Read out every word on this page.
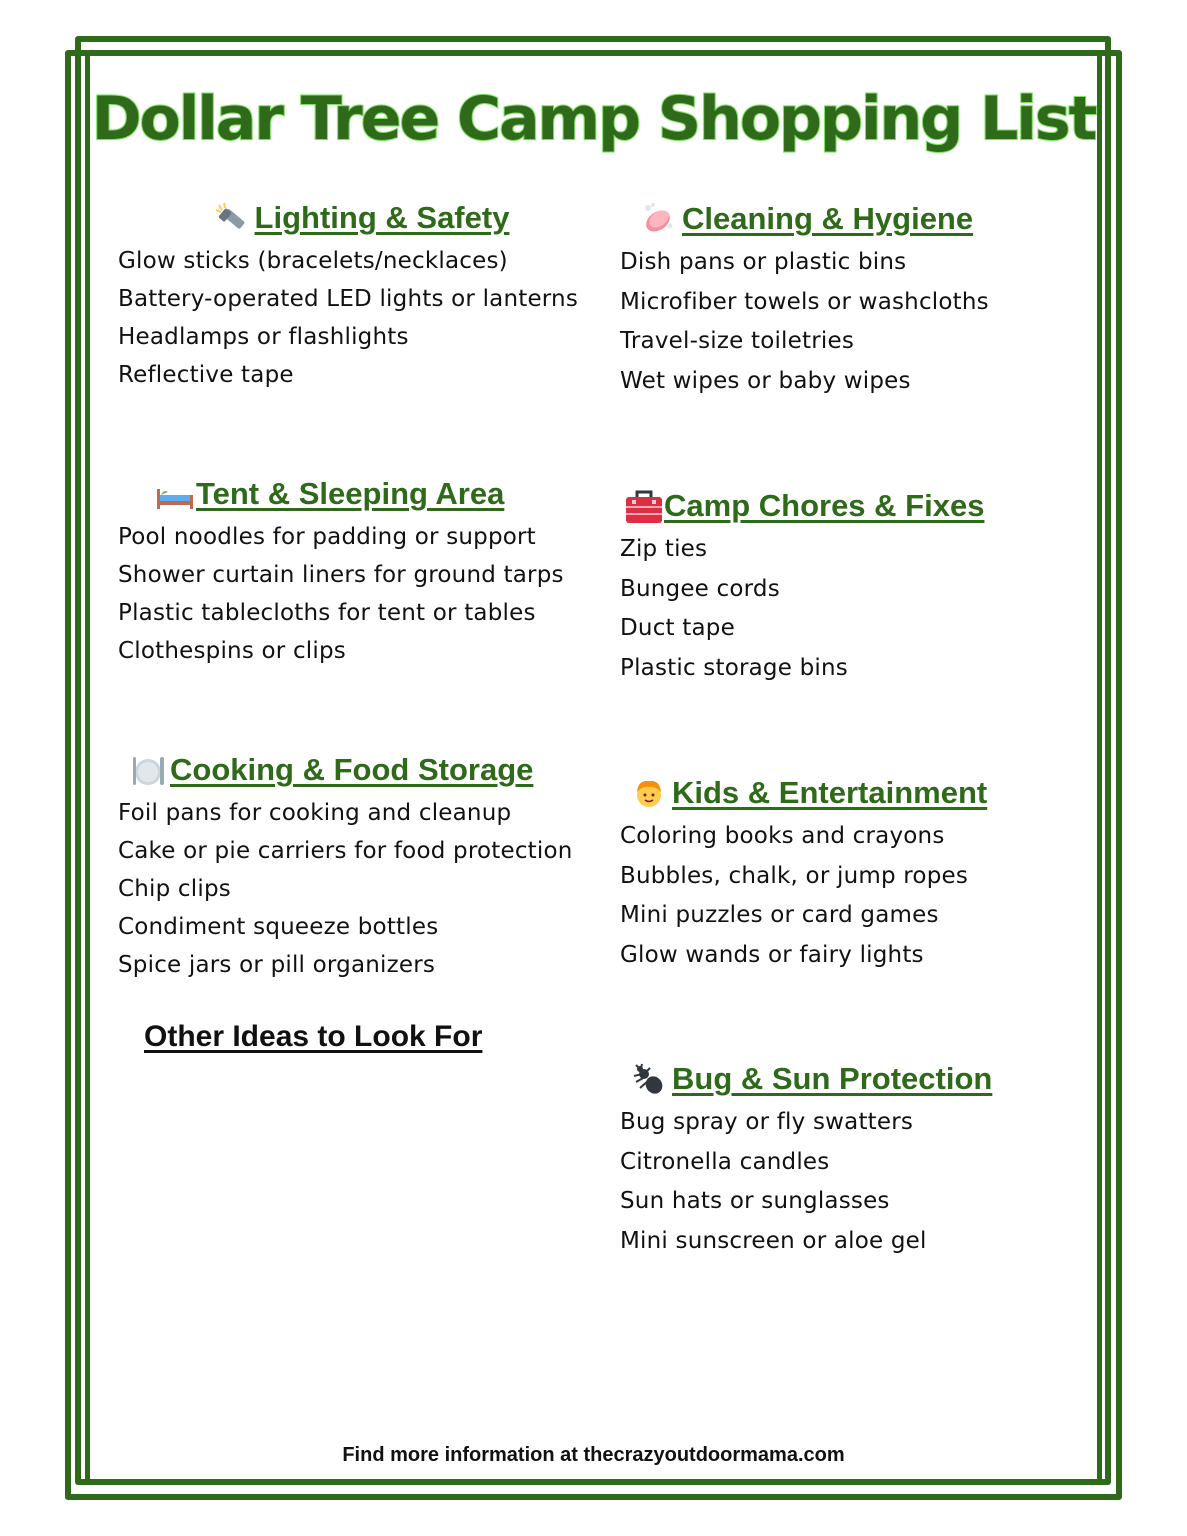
Dollar Tree Camp Shopping List
Lighting & Safety
Glow sticks (bracelets/necklaces)
Battery-operated LED lights or lanterns
Headlamps or flashlights
Reflective tape
Cleaning & Hygiene
Dish pans or plastic bins
Microfiber towels or washcloths
Travel-size toiletries
Wet wipes or baby wipes
Tent & Sleeping Area
Pool noodles for padding or support
Shower curtain liners for ground tarps
Plastic tablecloths for tent or tables
Clothespins or clips
Camp Chores & Fixes
Zip ties
Bungee cords
Duct tape
Plastic storage bins
Cooking & Food Storage
Foil pans for cooking and cleanup
Cake or pie carriers for food protection
Chip clips
Condiment squeeze bottles
Spice jars or pill organizers
Kids & Entertainment
Coloring books and crayons
Bubbles, chalk, or jump ropes
Mini puzzles or card games
Glow wands or fairy lights
Other Ideas to Look For
Bug & Sun Protection
Bug spray or fly swatters
Citronella candles
Sun hats or sunglasses
Mini sunscreen or aloe gel
Find more information at thecrazyoutdoormama.com
